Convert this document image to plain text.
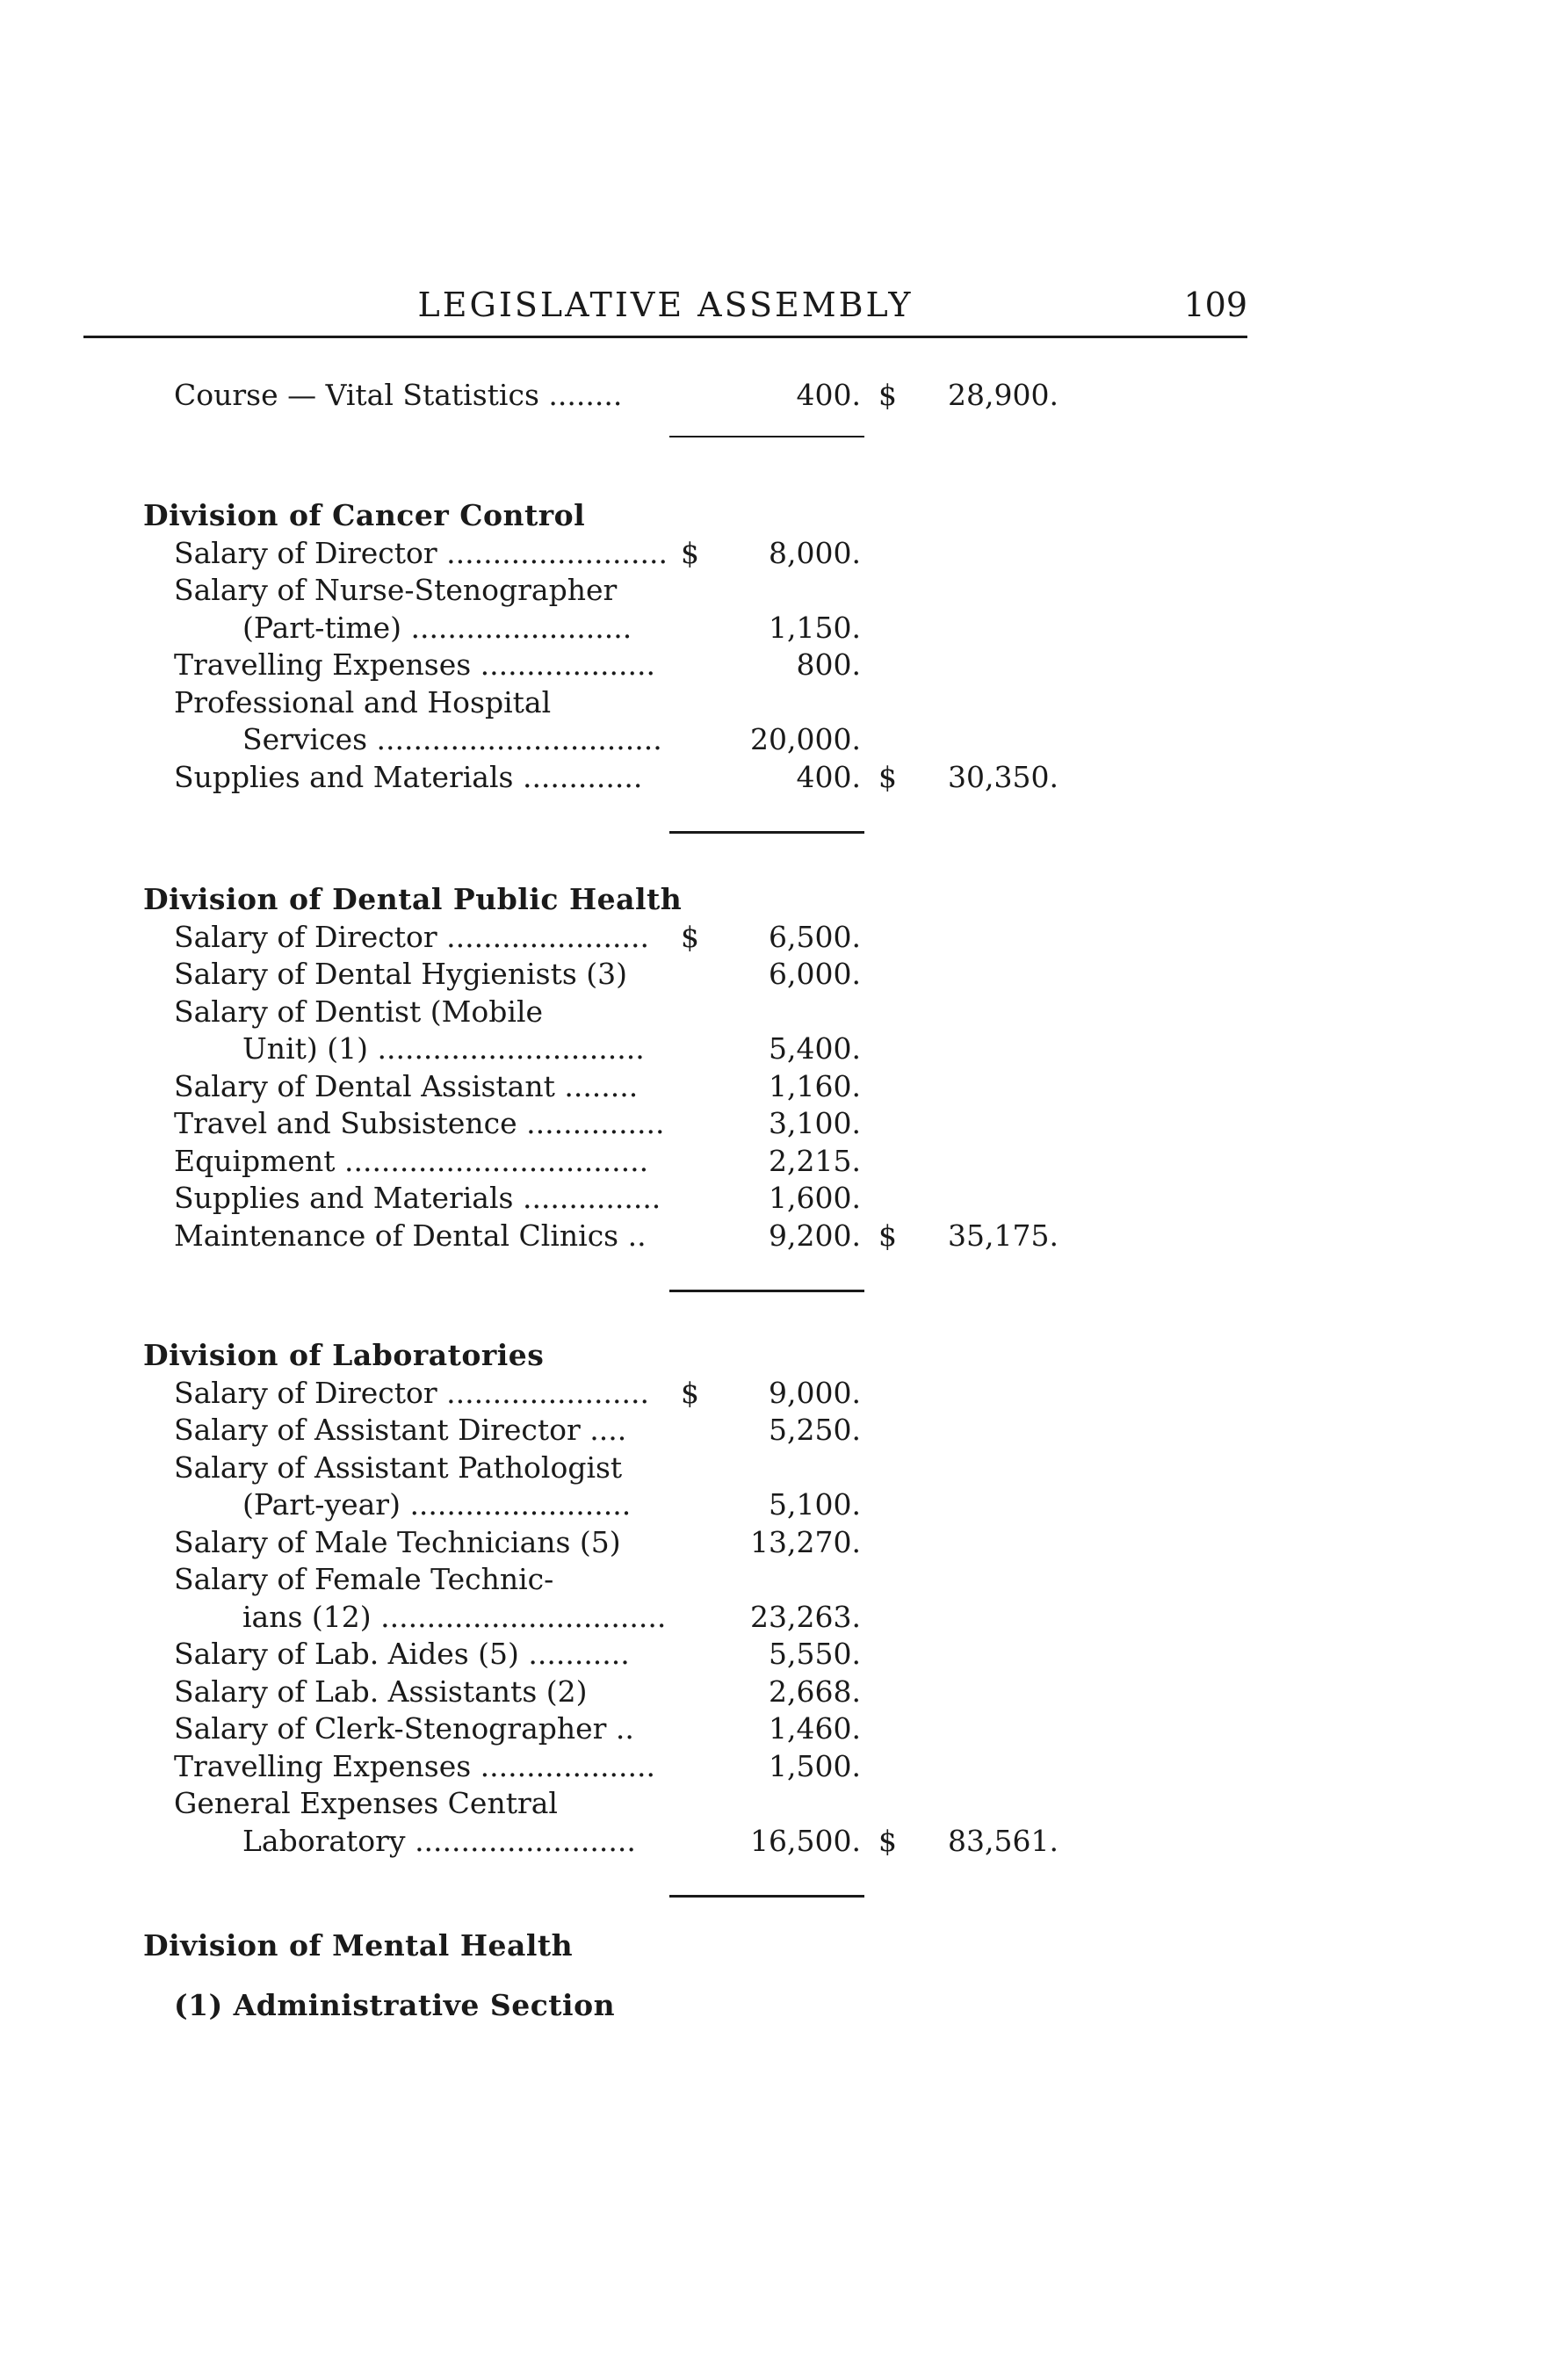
LEGISLATIVE ASSEMBLY	109
Course — Vital Statistics ........	400. $	28,900.
Division of Cancer Control
Salary of Director ........................ $	8,000.
Salary of Nurse-Stenographer
(Part-time) ........................	1,150.
Travelling Expenses ...................	800.
Professional and Hospital
Services ...............................	20,000.
Supplies and Materials .............	400. $	30,350.
Division of Dental Public Health
Salary of Director ...................... $	6,500.
Salary of Dental Hygienists (3)	6,000.
Salary of Dentist (Mobile
Unit) (1) .............................	5,400.
Salary of Dental Assistant ........	1,160.
Travel and Subsistence ...............	3,100.
Equipment .................................	2,215.
Supplies and Materials ...............	1,600.
Maintenance of Dental Clinics ..	9,200. $	35,175.
Division of Laboratories
Salary of Director ...................... $	9,000.
Salary of Assistant Director ....	5,250.
Salary of Assistant Pathologist
(Part-year) ........................	5,100.
Salary of Male Technicians (5)	13,270.
Salary of Female Technic-
ians (12) ...............................	23,263.
Salary of Lab. Aides (5) ...........	5,550.
Salary of Lab. Assistants (2)	2,668.
Salary of Clerk-Stenographer ..	1,460.
Travelling Expenses ...................	1,500.
General Expenses Central
Laboratory ........................	16,500. $	83,561.
Division of Mental Health
(1) Administrative Section
